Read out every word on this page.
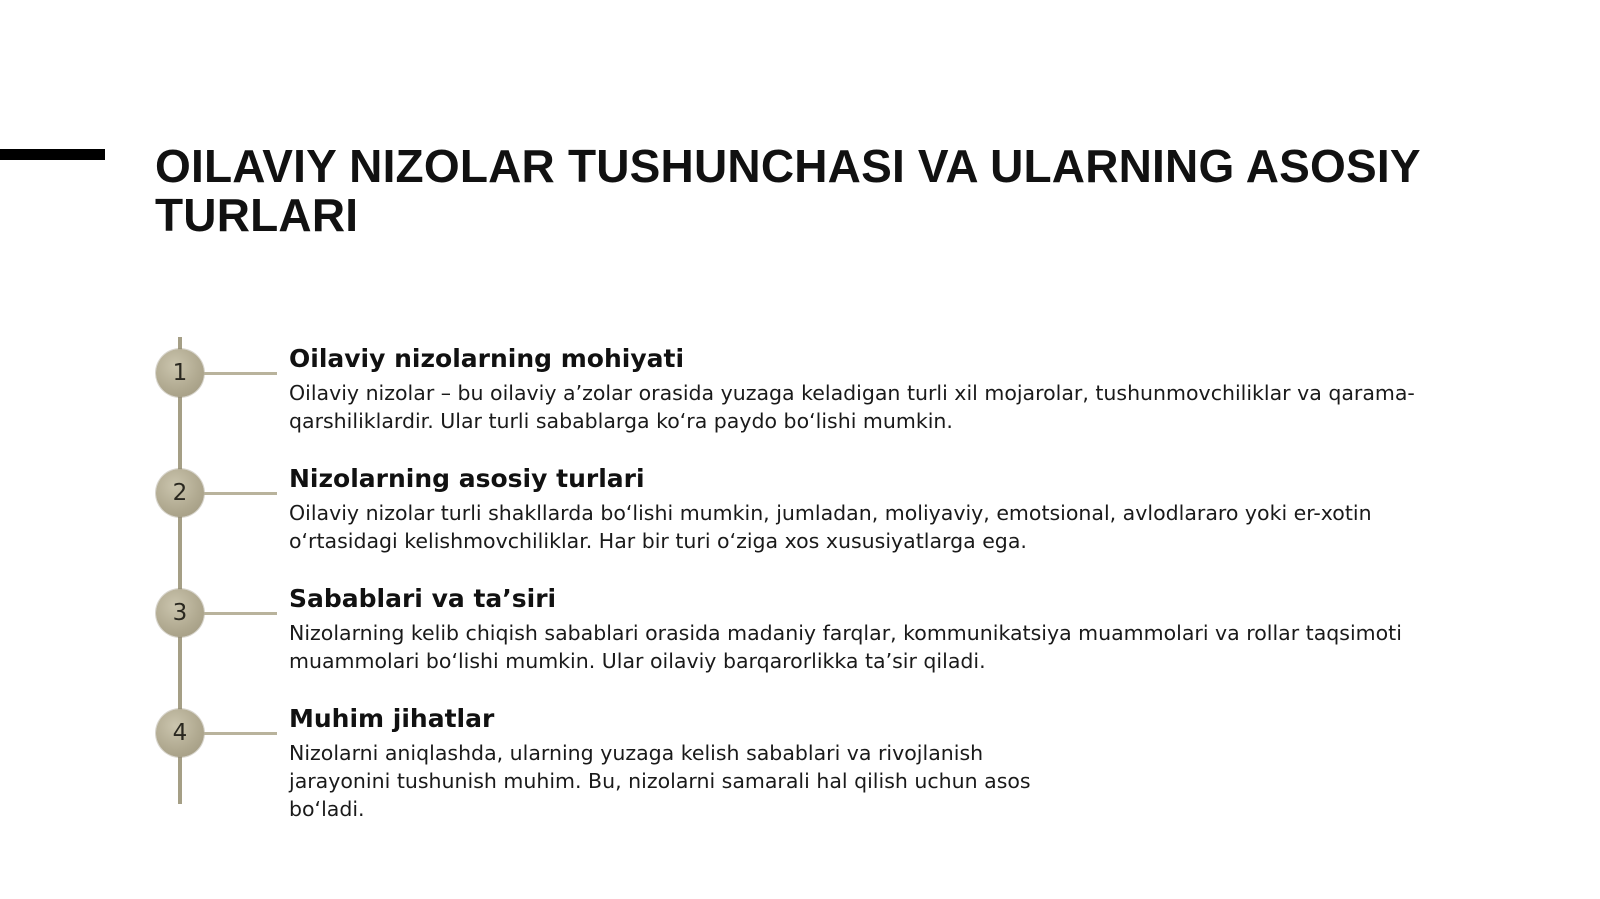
OILAVIY NIZOLAR TUSHUNCHASI VA ULARNING ASOSIY TURLARI
1	Oilaviy nizolarning mohiyati

Oilaviy nizolar – bu oilaviy a’zolar orasida yuzaga keladigan turli xil mojarolar, tushunmovchiliklar va qarama-qarshiliklardir. Ular turli sabablarga ko‘ra paydo bo‘lishi mumkin.

2	Nizolarning asosiy turlari

Oilaviy nizolar turli shakllarda bo‘lishi mumkin, jumladan, moliyaviy, emotsional, avlodlararo yoki er-xotin o‘rtasidagi kelishmovchiliklar. Har bir turi o‘ziga xos xususiyatlarga ega.

3	Sabablari va ta’siri

Nizolarning kelib chiqish sabablari orasida madaniy farqlar, kommunikatsiya muammolari va rollar taqsimoti muammolari bo‘lishi mumkin. Ular oilaviy barqarorlikka ta’sir qiladi.

4	Muhim jihatlar

Nizolarni aniqlashda, ularning yuzaga kelish sabablari va rivojlanish jarayonini tushunish muhim. Bu, nizolarni samarali hal qilish uchun asos bo‘ladi.
